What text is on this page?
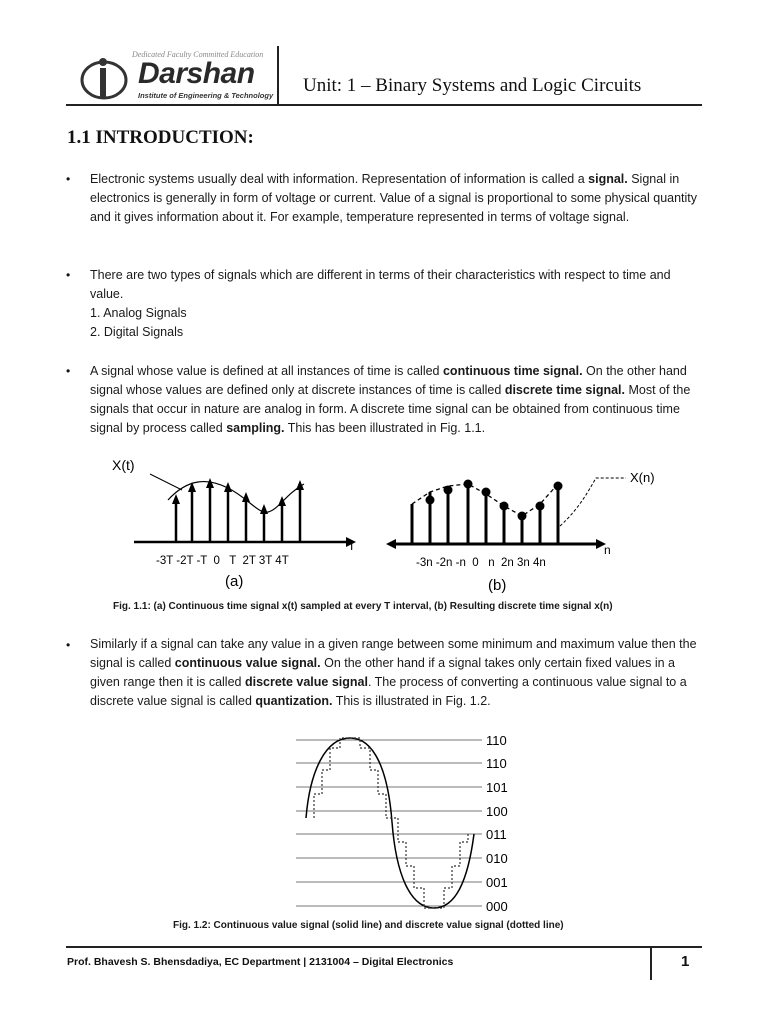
Dedicated Faculty Committed Education
Darshan
Institute of Engineering & Technology Unit: 1 – Binary Systems and Logic Circuits
1.1 INTRODUCTION:
• Electronic systems usually deal with information. Representation of information is called a signal. Signal in electronics is generally in form of voltage or current. Value of a signal is proportional to some physical quantity and it gives information about it. For example, temperature represented in terms of voltage signal.
• There are two types of signals which are different in terms of their characteristics with respect to time and value.
1. Analog Signals
2. Digital Signals
• A signal whose value is defined at all instances of time is called continuous time signal. On the other hand signal whose values are defined only at discrete instances of time is called discrete time signal. Most of the signals that occur in nature are analog in form. A discrete time signal can be obtained from continuous time signal by process called sampling. This has been illustrated in Fig. 1.1.
X(t)
T
-3T -2T -T  0   T  2T 3T 4T
(a)
n
X(n)
-3n -2n -n  0   n  2n 3n 4n
(b)
Fig. 1.1: (a) Continuous time signal x(t) sampled at every T interval, (b) Resulting discrete time signal x(n)
• Similarly if a signal can take any value in a given range between some minimum and maximum value then the signal is called continuous value signal. On the other hand if a signal takes only certain fixed values in a given range then it is called discrete value signal. The process of converting a continuous value signal to a discrete value signal is called quantization. This is illustrated in Fig. 1.2.
110
110
101
100
011
010
001
000
Fig. 1.2: Continuous value signal (solid line) and discrete value signal (dotted line)
Prof. Bhavesh S. Bhensdadiya, EC Department | 2131004 – Digital Electronics	1
